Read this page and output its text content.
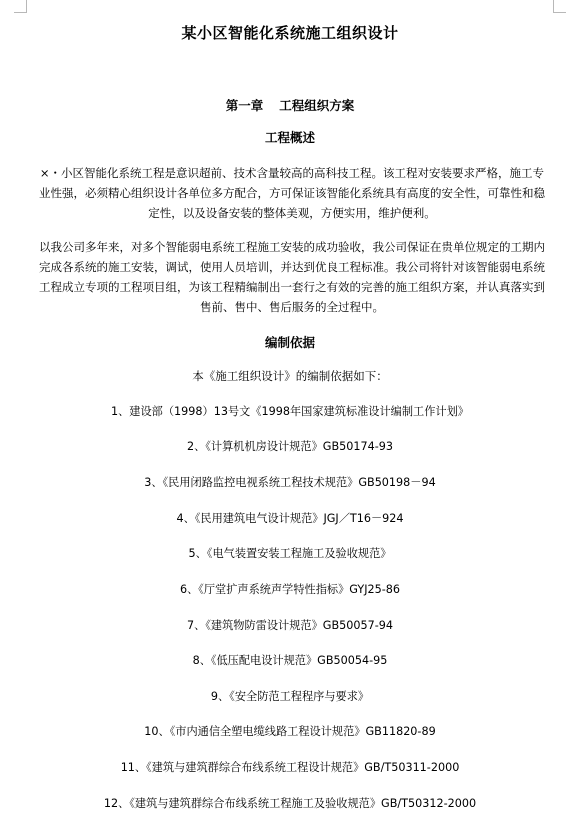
某小区智能化系统施工组织设计
第一章 工程组织方案
工程概述
×・小区智能化系统工程是意识超前、技术含量较高的高科技工程。该工程对安装要求严格，施工专业性强，必须精心组织设计各单位多方配合，方可保证该智能化系统具有高度的安全性，可靠性和稳定性，以及设备安装的整体美观，方便实用，维护便利。
以我公司多年来，对多个智能弱电系统工程施工安装的成功验收，我公司保证在贵单位规定的工期内完成各系统的施工安装，调试，使用人员培训，并达到优良工程标准。我公司将针对该智能弱电系统工程成立专项的工程项目组，为该工程精编制出一套行之有效的完善的施工组织方案，并认真落实到售前、售中、售后服务的全过程中。
编制依据
本《施工组织设计》的编制依据如下：
1、建设部（1998）13号文《1998年国家建筑标准设计编制工作计划》
2、《计算机机房设计规范》GB50174-93
3、《民用闭路监控电视系统工程技术规范》GB50198－94
4、《民用建筑电气设计规范》JGJ／T16－924
5、《电气装置安装工程施工及验收规范》
6、《厅堂扩声系统声学特性指标》GYJ25-86
7、《建筑物防雷设计规范》GB50057-94
8、《低压配电设计规范》GB50054-95
9、《安全防范工程程序与要求》
10、《市内通信全塑电缆线路工程设计规范》GB11820-89
11、《建筑与建筑群综合布线系统工程设计规范》GB/T50311-2000
12、《建筑与建筑群综合布线系统工程施工及验收规范》GB/T50312-2000
